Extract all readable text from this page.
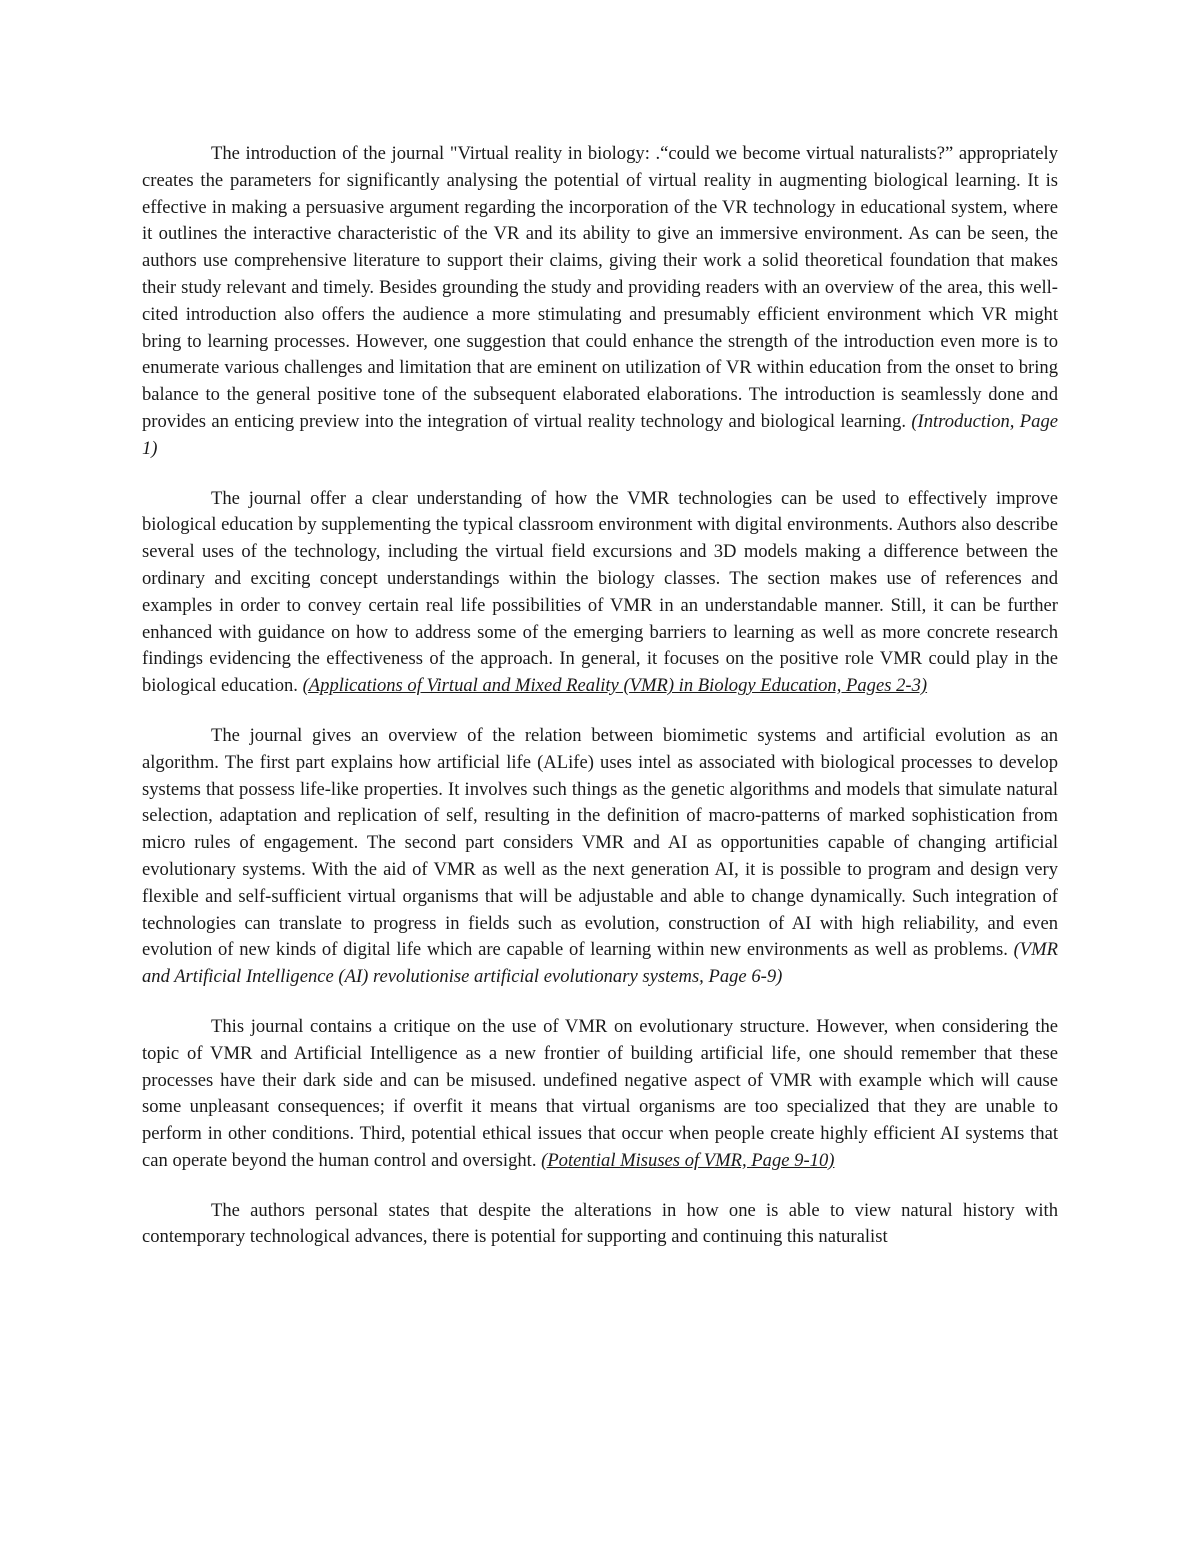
The introduction of the journal "Virtual reality in biology: .“could we become virtual naturalists?” appropriately creates the parameters for significantly analysing the potential of virtual reality in augmenting biological learning. It is effective in making a persuasive argument regarding the incorporation of the VR technology in educational system, where it outlines the interactive characteristic of the VR and its ability to give an immersive environment. As can be seen, the authors use comprehensive literature to support their claims, giving their work a solid theoretical foundation that makes their study relevant and timely. Besides grounding the study and providing readers with an overview of the area, this well-cited introduction also offers the audience a more stimulating and presumably efficient environment which VR might bring to learning processes. However, one suggestion that could enhance the strength of the introduction even more is to enumerate various challenges and limitation that are eminent on utilization of VR within education from the onset to bring balance to the general positive tone of the subsequent elaborated elaborations. The introduction is seamlessly done and provides an enticing preview into the integration of virtual reality technology and biological learning. (Introduction, Page 1)

The journal offer a clear understanding of how the VMR technologies can be used to effectively improve biological education by supplementing the typical classroom environment with digital environments. Authors also describe several uses of the technology, including the virtual field excursions and 3D models making a difference between the ordinary and exciting concept understandings within the biology classes. The section makes use of references and examples in order to convey certain real life possibilities of VMR in an understandable manner. Still, it can be further enhanced with guidance on how to address some of the emerging barriers to learning as well as more concrete research findings evidencing the effectiveness of the approach. In general, it focuses on the positive role VMR could play in the biological education. (Applications of Virtual and Mixed Reality (VMR) in Biology Education, Pages 2-3)

The journal gives an overview of the relation between biomimetic systems and artificial evolution as an algorithm. The first part explains how artificial life (ALife) uses intel as associated with biological processes to develop systems that possess life-like properties. It involves such things as the genetic algorithms and models that simulate natural selection, adaptation and replication of self, resulting in the definition of macro-patterns of marked sophistication from micro rules of engagement. The second part considers VMR and AI as opportunities capable of changing artificial evolutionary systems. With the aid of VMR as well as the next generation AI, it is possible to program and design very flexible and self-sufficient virtual organisms that will be adjustable and able to change dynamically. Such integration of technologies can translate to progress in fields such as evolution, construction of AI with high reliability, and even evolution of new kinds of digital life which are capable of learning within new environments as well as problems. (VMR and Artificial Intelligence (AI) revolutionise artificial evolutionary systems, Page 6-9)

This journal contains a critique on the use of VMR on evolutionary structure. However, when considering the topic of VMR and Artificial Intelligence as a new frontier of building artificial life, one should remember that these processes have their dark side and can be misused. undefined negative aspect of VMR with example which will cause some unpleasant consequences; if overfit it means that virtual organisms are too specialized that they are unable to perform in other conditions. Third, potential ethical issues that occur when people create highly efficient AI systems that can operate beyond the human control and oversight. (Potential Misuses of VMR, Page 9-10)

The authors personal states that despite the alterations in how one is able to view natural history with contemporary technological advances, there is potential for supporting and continuing this naturalist
